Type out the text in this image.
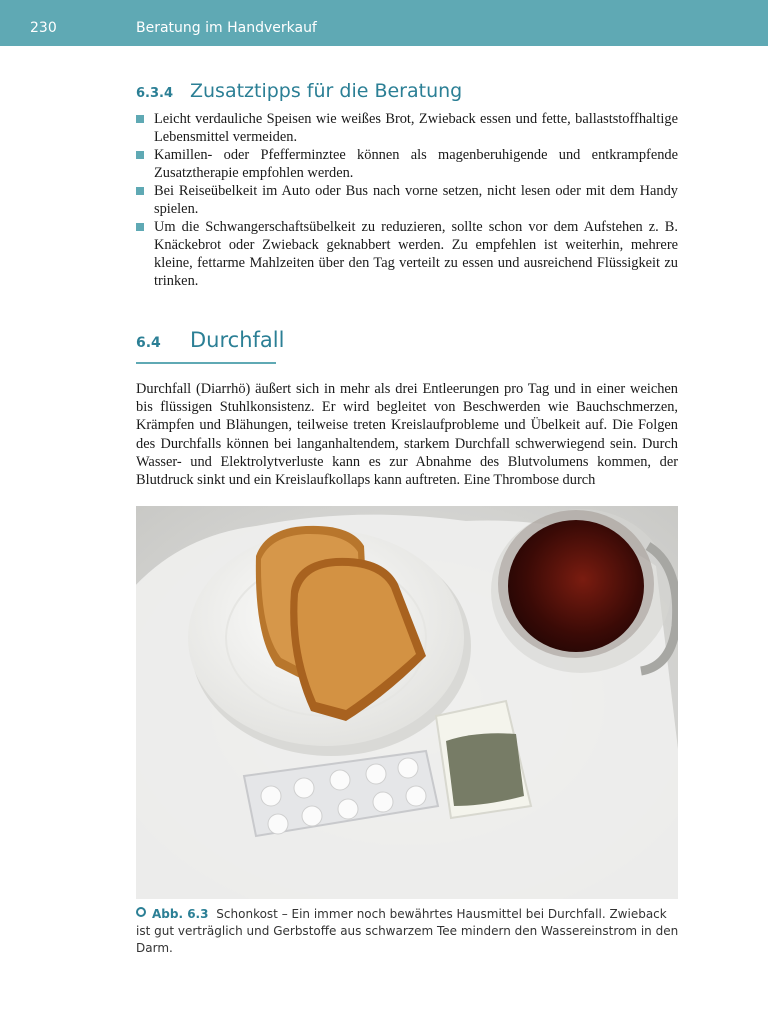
230	Beratung im Handverkauf
6.3.4 Zusatztipps für die Beratung
Leicht verdauliche Speisen wie weißes Brot, Zwieback essen und fette, ballaststoffhaltige Lebensmittel vermeiden.
Kamillen- oder Pfefferminztee können als magenberuhigende und entkrampfende Zusatztherapie empfohlen werden.
Bei Reiseübelkeit im Auto oder Bus nach vorne setzen, nicht lesen oder mit dem Handy spielen.
Um die Schwangerschaftsübelkeit zu reduzieren, sollte schon vor dem Aufstehen z. B. Knäckebrot oder Zwieback geknabbert werden. Zu empfehlen ist weiterhin, mehrere kleine, fettarme Mahlzeiten über den Tag verteilt zu essen und ausreichend Flüssigkeit zu trinken.
6.4 Durchfall

Durchfall (Diarrhö) äußert sich in mehr als drei Entleerungen pro Tag und in einer weichen bis flüssigen Stuhlkonsistenz. Er wird begleitet von Beschwerden wie Bauchschmerzen, Krämpfen und Blähungen, teilweise treten Kreislaufprobleme und Übelkeit auf. Die Folgen des Durchfalls können bei langanhaltendem, starkem Durchfall schwerwiegend sein. Durch Wasser- und Elektrolytverluste kann es zur Abnahme des Blutvolumens kommen, der Blutdruck sinkt und ein Kreislaufkollaps kann auftreten. Eine Thrombose durch

Abb. 6.3 Schonkost – Ein immer noch bewährtes Hausmittel bei Durchfall. Zwieback ist gut verträglich und Gerbstoffe aus schwarzem Tee mindern den Wassereinstrom in den Darm.
